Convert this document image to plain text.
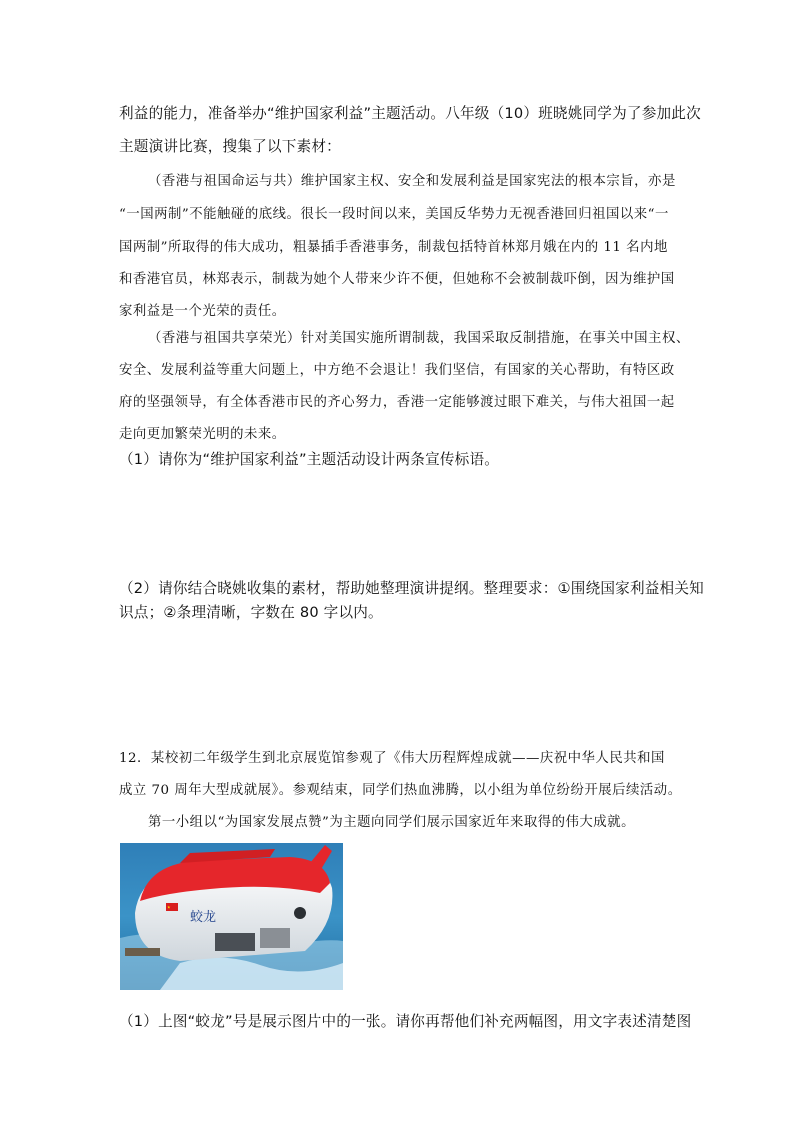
利益的能力，准备举办“维护国家利益”主题活动。八年级（10）班晓姚同学为了参加此次
主题演讲比赛，搜集了以下素材：
（香港与祖国命运与共）维护国家主权、安全和发展利益是国家宪法的根本宗旨，亦是
“一国两制”不能触碰的底线。很长一段时间以来，美国反华势力无视香港回归祖国以来“一
国两制”所取得的伟大成功，粗暴插手香港事务，制裁包括特首林郑月娥在内的 11 名内地
和香港官员，林郑表示，制裁为她个人带来少许不便，但她称不会被制裁吓倒，因为维护国
家利益是一个光荣的责任。
（香港与祖国共享荣光）针对美国实施所谓制裁，我国采取反制措施，在事关中国主权、
安全、发展利益等重大问题上，中方绝不会退让！我们坚信，有国家的关心帮助，有特区政
府的坚强领导，有全体香港市民的齐心努力，香港一定能够渡过眼下难关，与伟大祖国一起
走向更加繁荣光明的未来。
（1）请你为“维护国家利益”主题活动设计两条宣传标语。
（2）请你结合晓姚收集的素材，帮助她整理演讲提纲。整理要求：①围绕国家利益相关知
识点；②条理清晰，字数在 80 字以内。
12．某校初二年级学生到北京展览馆参观了《伟大历程辉煌成就——庆祝中华人民共和国
成立 70 周年大型成就展》。参观结束，同学们热血沸腾，以小组为单位纷纷开展后续活动。
第一小组以“为国家发展点赞”为主题向同学们展示国家近年来取得的伟大成就。
★
蛟龙
（1）上图“蛟龙”号是展示图片中的一张。请你再帮他们补充两幅图，用文字表述清楚图
